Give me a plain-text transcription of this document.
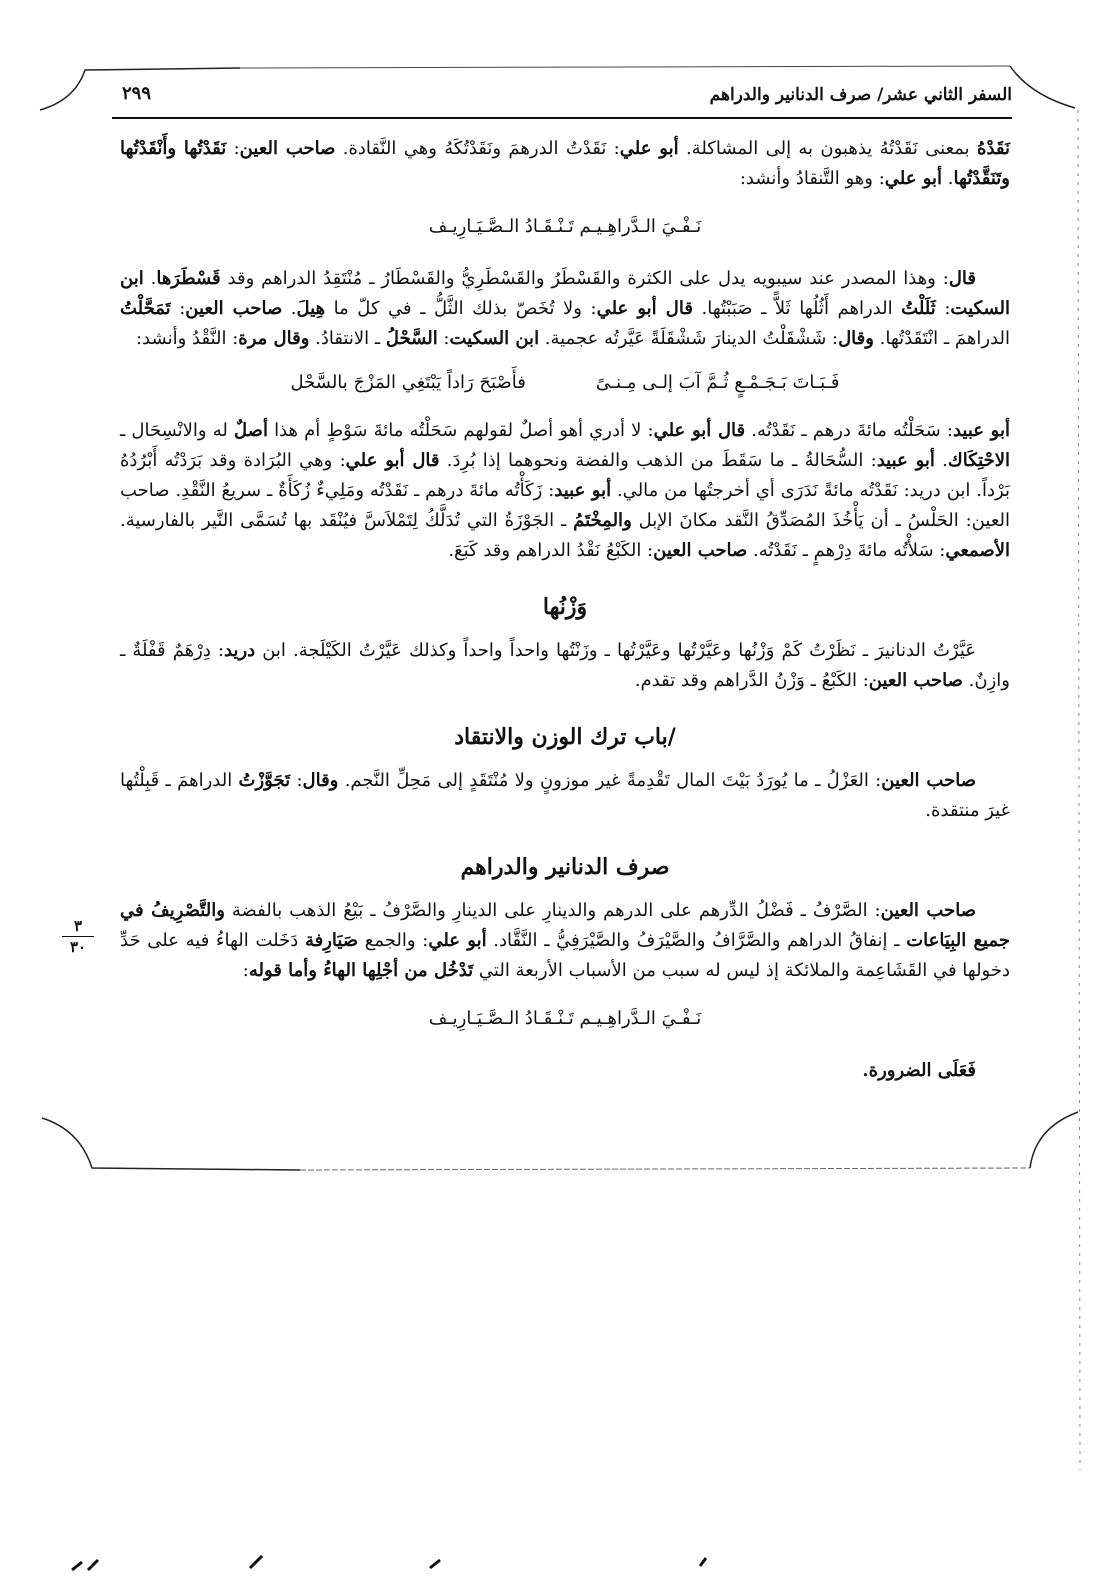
السفر الثاني عشر/ صرف الدنانير والدراهم
٢٩٩
٣
٣٠

نَقَدْهُ بمعنى نَقَدْتُهُ يذهبون به إلى المشاكلة. أبو علي: نَقَدْتُ الدرهمَ ونَقَدْتُكَهُ وهي النَّقادة. صاحب العين: نَقَدْتُها وأَنْقَدْتُها وتَنَقَّدْتُها. أبو علي: وهو التَّنقادُ وأنشد:

نَـفْـيَ الـدَّراهِـيـم تَـنْـقَـادُ الـصَّـيَـارِيـف

قال: وهذا المصدر عند سيبويه يدل على الكثرة والقَسْطَرُ والقَسْطَرِيُّ والقَسْطَارُ ـ مُنْتَقِدُ الدراهم وقد قَسْطَرَها. ابن السكيت: ثَلَلْتُ الدراهم أَثُلُها ثَلاًّ ـ صَبَبْتُها. قال أبو علي: ولا تُخَصّ بذلك الثَّلُّ ـ في كلّ ما هِيلَ. صاحب العين: تَمَحَّلْتُ الدراهمَ ـ انْتَقَدْتُها. وقال: شَشْقَلْتُ الدينارَ شَشْقَلَةً عَيَّرتُه عجمية. ابن السكيت: السَّحْلُ ـ الانتقادُ. وقال مرة: النَّقْدُ وأنشد:

فَـبَـاتَ بَـجَـمْـعٍ ثُـمَّ آبَ إلـى مِـنـىً
فأَصْبَحَ رَاداً يَبْتَغِي المَزْجَ بالسَّحْل

أبو عبيد: سَحَلْتُه مائةَ درهم ـ نَقَدْتُه. قال أبو علي: لا أدري أهو أصلٌ لقولهم سَحَلْتُه مائةَ سَوْطٍ أم هذا أصلٌ له والانْسِحَال ـ الاحْتِكَاك. أبو عبيد: السُّحَالةُ ـ ما سَقَطَ من الذهب والفضة ونحوهما إذا بُرِدَ. قال أبو علي: وهي البُرَادة وقد بَرَدْتُه أَبْرُدُهُ بَرْداً. ابن دريد: نَقَدْتُه مائةً نَدَرَى أي أخرجتُها من مالي. أبو عبيد: زَكَأْتُه مائةَ درهم ـ نَقَدْتُه ومَلِيءٌ زُكَأَةٌ ـ سريعُ النَّقْدِ. صاحب العين: الحَلْسُ ـ أن يَأْخُذَ المُصَدِّقُ النَّقد مكانَ الإبل والمِخْتَمُ ـ الجَوْزَةُ التي تُدَلَّكُ لِتَمْلاَسَّ فيُنْقَد بها تُسَمَّى النَّير بالفارسية. الأصمعي: سَلأْتُه مائةَ دِرْهمٍ ـ نَقَدْتُه. صاحب العين: الكَبْعُ نَقْدُ الدراهم وقد كَبَعَ.

وَزْنُها

عَيَّرْتُ الدنانيرَ ـ نَظَرْتُ كَمْ وَزْنُها وعَيَّرْتُها وعَيَّرْتُها ـ وزَنْتُها واحداً واحداً وكذلك عَيَّرْتُ الكَيْلَجة. ابن دريد: دِرْهَمٌ قَفْلَةٌ ـ وازِنٌ. صاحب العين: الكَبْعُ ـ وَزْنُ الدَّراهم وقد تقدم.

/باب ترك الوزن والانتقاد

صاحب العين: العَزْلُ ـ ما يُورَدُ بَيْتَ المال تَقْدِمةً غير موزونٍ ولا مُنْتَقَدٍ إلى مَحِلِّ النَّجم. وقال: تَجَوَّزْتُ الدراهمَ ـ قَبِلْتُها غيرَ منتقدة.

صرف الدنانير والدراهم

صاحب العين: الصَّرْفُ ـ فَضْلُ الدِّرهم على الدرهم والدينارِ على الدينارِ والصَّرْفُ ـ بَيْعُ الذهب بالفضة والتَّصْرِيفُ في جميع البِيَاعات ـ إنفاقُ الدراهم والصَّرَّافُ والصَّيْرَفُ والصَّيْرَفِيُّ ـ النَّقَّاد. أبو علي: والجمع صَيَارِفة دَخَلت الهاءُ فيه على حَدِّ دخولها في القَشَاعِمة والملائكة إذ ليس له سبب من الأسباب الأربعة التي تَدْخُل من أجْلِها الهاءُ وأما قوله:

نَـفْـيَ الـدَّراهِـيـم تَـنْـقَـادُ الـصَّـيَـارِيـف

فَعَلَى الضرورة.
